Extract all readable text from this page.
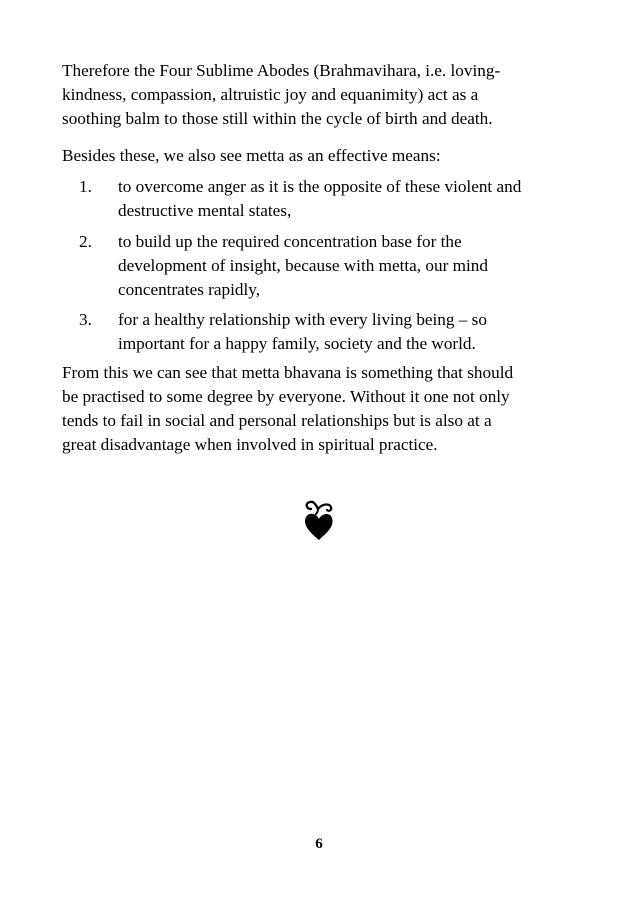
Therefore the Four Sublime Abodes (Brahmavihara, i.e. loving-
kindness, compassion, altruistic joy and equanimity) act as a
soothing balm to those still within the cycle of birth and death.
Besides these, we also see metta as an effective means:
1. to overcome anger as it is the opposite of these violent and
destructive mental states,
2. to build up the required concentration base for the
development of insight, because with metta, our mind
concentrates rapidly,
3. for a healthy relationship with every living being – so
important for a happy family, society and the world.
From this we can see that metta bhavana is something that should
be practised to some degree by everyone. Without it one not only
tends to fail in social and personal relationships but is also at a
great disadvantage when involved in spiritual practice.
6
